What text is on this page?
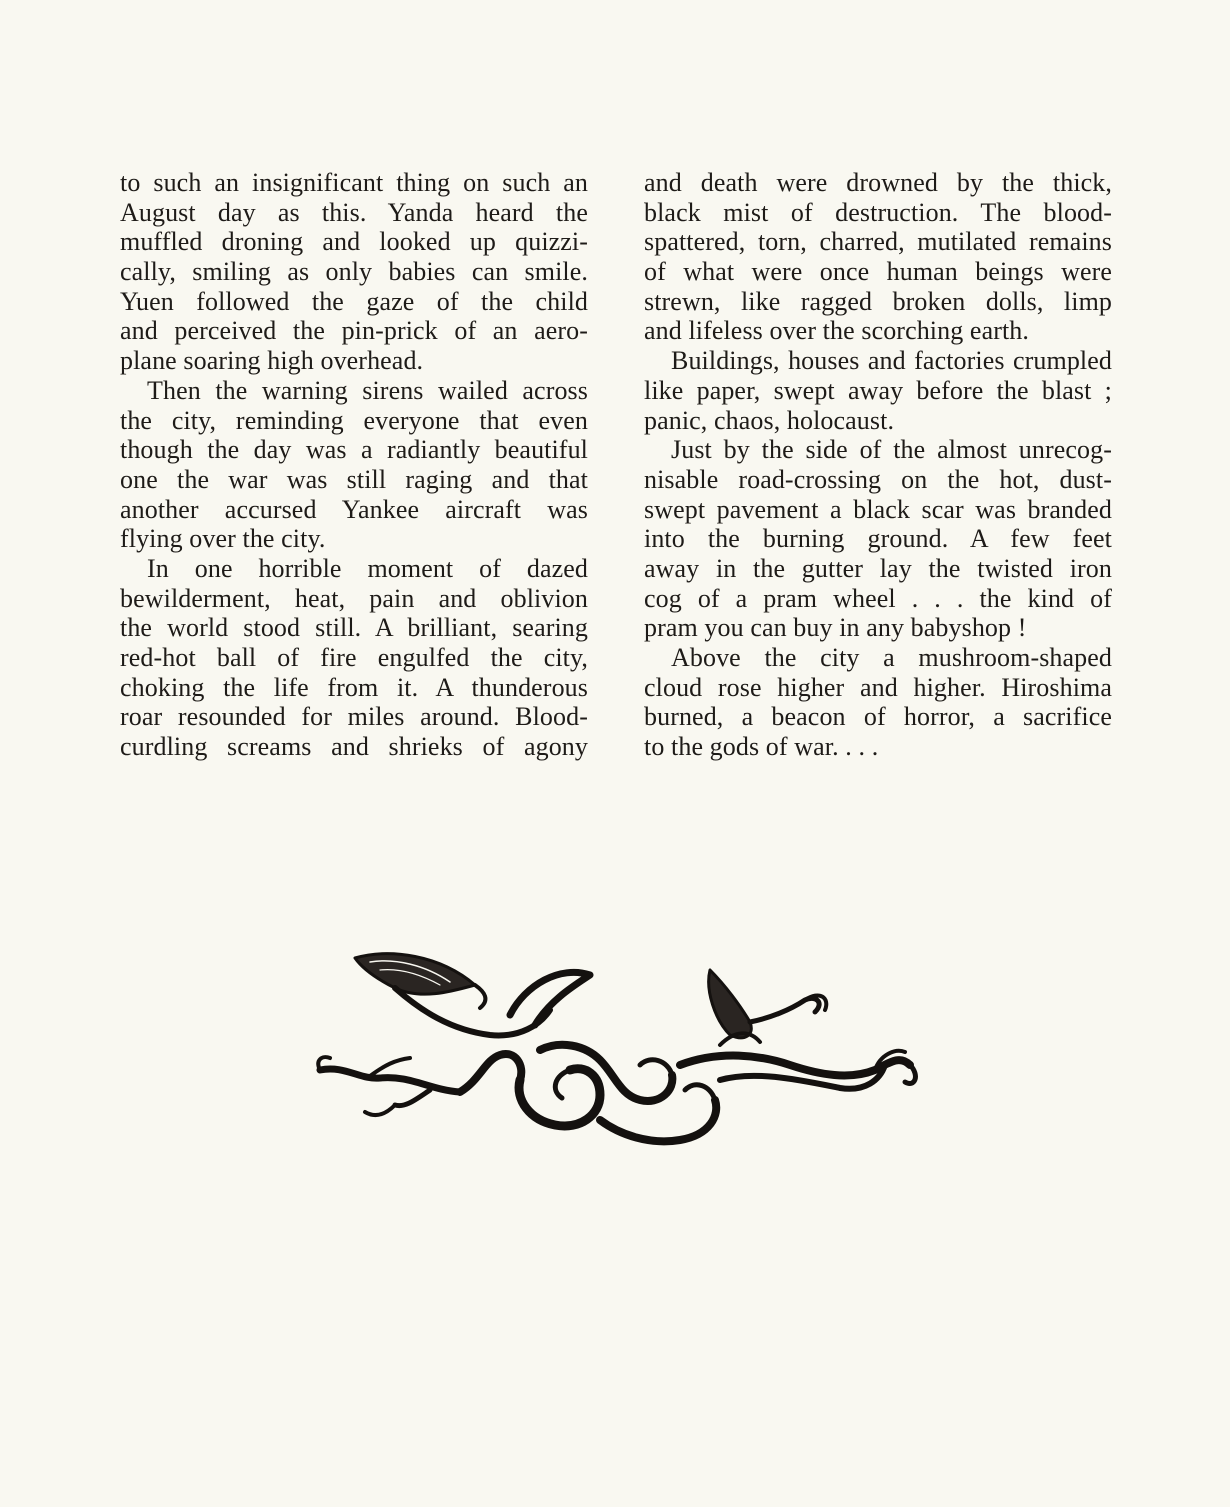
to such an insignificant thing on such an
August day as this. Yanda heard the
muffled droning and looked up quizzi-
cally, smiling as only babies can smile.
Yuen followed the gaze of the child
and perceived the pin-prick of an aero-
plane soaring high overhead.
Then the warning sirens wailed across
the city, reminding everyone that even
though the day was a radiantly beautiful
one the war was still raging and that
another accursed Yankee aircraft was
flying over the city.
In one horrible moment of dazed
bewilderment, heat, pain and oblivion
the world stood still. A brilliant, searing
red-hot ball of fire engulfed the city,
choking the life from it. A thunderous
roar resounded for miles around. Blood-
curdling screams and shrieks of agony
and death were drowned by the thick,
black mist of destruction. The blood-
spattered, torn, charred, mutilated remains
of what were once human beings were
strewn, like ragged broken dolls, limp
and lifeless over the scorching earth.
Buildings, houses and factories crumpled
like paper, swept away before the blast ;
panic, chaos, holocaust.
Just by the side of the almost unrecog-
nisable road-crossing on the hot, dust-
swept pavement a black scar was branded
into the burning ground. A few feet
away in the gutter lay the twisted iron
cog of a pram wheel . . . the kind of
pram you can buy in any babyshop !
Above the city a mushroom-shaped
cloud rose higher and higher. Hiroshima
burned, a beacon of horror, a sacrifice
to the gods of war. . . .
